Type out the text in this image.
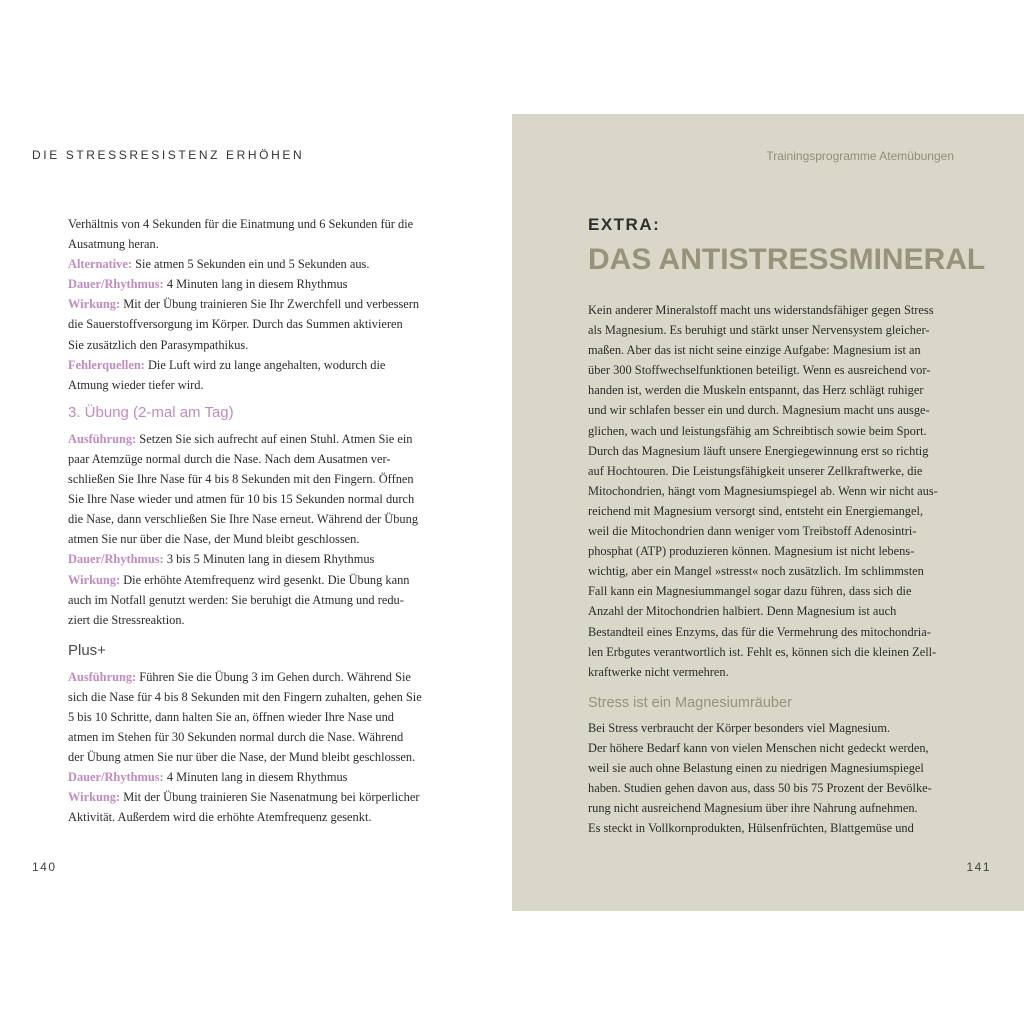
DIE STRESSRESISTENZ ERHÖHEN

Verhältnis von 4 Sekunden für die Einatmung und 6 Sekunden für die

Ausatmung heran.

Alternative: Sie atmen 5 Sekunden ein und 5 Sekunden aus.

Dauer/Rhythmus: 4 Minuten lang in diesem Rhythmus

Wirkung: Mit der Übung trainieren Sie Ihr Zwerchfell und verbessern

die Sauerstoffversorgung im Körper. Durch das Summen aktivieren

Sie zusätzlich den Parasympathikus.

Fehlerquellen: Die Luft wird zu lange angehalten, wodurch die

Atmung wieder tiefer wird.

3. Übung (2-mal am Tag)

Ausführung: Setzen Sie sich aufrecht auf einen Stuhl. Atmen Sie ein

paar Atemzüge normal durch die Nase. Nach dem Ausatmen ver-

schließen Sie Ihre Nase für 4 bis 8 Sekunden mit den Fingern. Öffnen

Sie Ihre Nase wieder und atmen für 10 bis 15 Sekunden normal durch

die Nase, dann verschließen Sie Ihre Nase erneut. Während der Übung

atmen Sie nur über die Nase, der Mund bleibt geschlossen.

Dauer/Rhythmus: 3 bis 5 Minuten lang in diesem Rhythmus

Wirkung: Die erhöhte Atemfrequenz wird gesenkt. Die Übung kann

auch im Notfall genutzt werden: Sie beruhigt die Atmung und redu-

ziert die Stressreaktion.

Plus+

Ausführung: Führen Sie die Übung 3 im Gehen durch. Während Sie

sich die Nase für 4 bis 8 Sekunden mit den Fingern zuhalten, gehen Sie

5 bis 10 Schritte, dann halten Sie an, öffnen wieder Ihre Nase und

atmen im Stehen für 30 Sekunden normal durch die Nase. Während

der Übung atmen Sie nur über die Nase, der Mund bleibt geschlossen.

Dauer/Rhythmus: 4 Minuten lang in diesem Rhythmus

Wirkung: Mit der Übung trainieren Sie Nasenatmung bei körperlicher

Aktivität. Außerdem wird die erhöhte Atemfrequenz gesenkt.

140

Trainingsprogramme Atemübungen

EXTRA:

DAS ANTISTRESSMINERAL

Kein anderer Mineralstoff macht uns widerstandsfähiger gegen Stress

als Magnesium. Es beruhigt und stärkt unser Nervensystem gleicher-

maßen. Aber das ist nicht seine einzige Aufgabe: Magnesium ist an

über 300 Stoffwechselfunktionen beteiligt. Wenn es ausreichend vor-

handen ist, werden die Muskeln entspannt, das Herz schlägt ruhiger

und wir schlafen besser ein und durch. Magnesium macht uns ausge-

glichen, wach und leistungsfähig am Schreibtisch sowie beim Sport.

Durch das Magnesium läuft unsere Energiegewinnung erst so richtig

auf Hochtouren. Die Leistungsfähigkeit unserer Zellkraftwerke, die

Mitochondrien, hängt vom Magnesiumspiegel ab. Wenn wir nicht aus-

reichend mit Magnesium versorgt sind, entsteht ein Energiemangel,

weil die Mitochondrien dann weniger vom Treibstoff Adenosintri-

phosphat (ATP) produzieren können. Magnesium ist nicht lebens-

wichtig, aber ein Mangel »stresst« noch zusätzlich. Im schlimmsten

Fall kann ein Magnesiummangel sogar dazu führen, dass sich die

Anzahl der Mitochondrien halbiert. Denn Magnesium ist auch

Bestandteil eines Enzyms, das für die Vermehrung des mitochondria-

len Erbgutes verantwortlich ist. Fehlt es, können sich die kleinen Zell-

kraftwerke nicht vermehren.

Stress ist ein Magnesiumräuber

Bei Stress verbraucht der Körper besonders viel Magnesium.

Der höhere Bedarf kann von vielen Menschen nicht gedeckt werden,

weil sie auch ohne Belastung einen zu niedrigen Magnesiumspiegel

haben. Studien gehen davon aus, dass 50 bis 75 Prozent der Bevölke-

rung nicht ausreichend Magnesium über ihre Nahrung aufnehmen.

Es steckt in Vollkornprodukten, Hülsenfrüchten, Blattgemüse und

141
